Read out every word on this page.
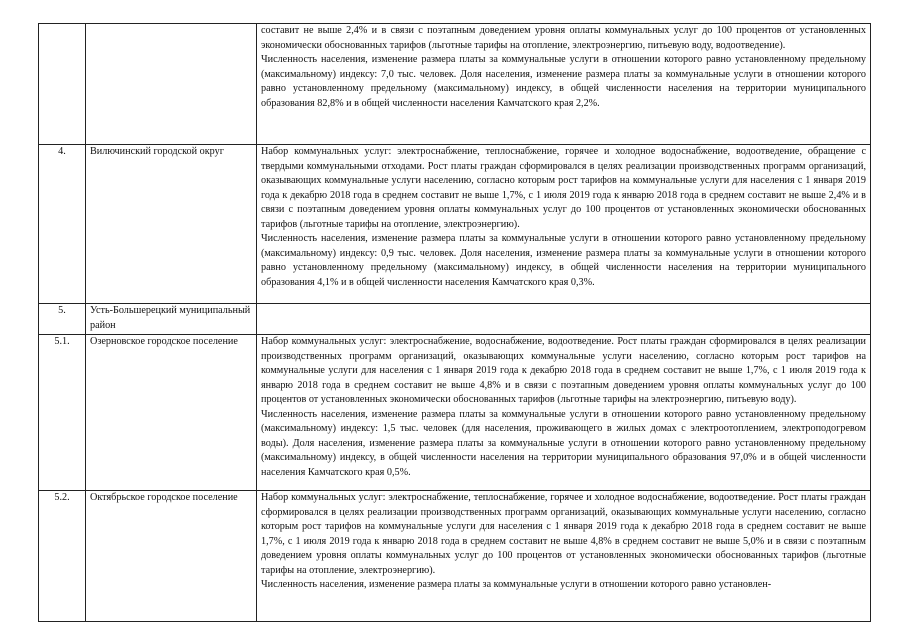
		составит не выше 2,4% и в связи с поэтапным доведением уровня оплаты коммунальных услуг до 100 процентов от установленных экономически обоснованных тарифов (льготные тарифы на отопление, электроэнергию, питьевую воду, водоотведение).

Численность населения, изменение размера платы за коммунальные услуги в отношении которого равно установленному предельному (максимальному) индексу: 7,0 тыс. человек. Доля населения, изменение размера платы за коммунальные услуги в отношении которого равно установленному предельному (максимальному) индексу, в общей численности населения на территории муниципального образования 82,8% и в общей численности населения Камчатского края 2,2%.

4.	Вилючинский городской округ	Набор коммунальных услуг: электроснабжение, теплоснабжение, горячее и холодное водоснабжение, водоотведение, обращение с твердыми коммунальными отходами. Рост платы граждан сформировался в целях реализации производственных программ организаций, оказывающих коммунальные услуги населению, согласно которым рост тарифов на коммунальные услуги для населения с 1 января 2019 года к декабрю 2018 года в среднем составит не выше 1,7%, с 1 июля 2019 года к январю 2018 года в среднем составит не выше 2,4% и в связи с поэтапным доведением уровня оплаты коммунальных услуг до 100 процентов от установленных экономически обоснованных тарифов (льготные тарифы на отопление, электроэнергию).

Численность населения, изменение размера платы за коммунальные услуги в отношении которого равно установленному предельному (максимальному) индексу: 0,9 тыс. человек. Доля населения, изменение размера платы за коммунальные услуги в отношении которого равно установленному предельному (максимальному) индексу, в общей численности населения на территории муниципального образования 4,1% и в общей численности населения Камчатского края 0,3%.

5.	Усть-Большерецкий муниципальный район	
5.1.	Озерновское городское поселение	Набор коммунальных услуг: электроснабжение, водоснабжение, водоотведение. Рост платы граждан сформировался в целях реализации производственных программ организаций, оказывающих коммунальные услуги населению, согласно которым рост тарифов на коммунальные услуги для населения с 1 января 2019 года к декабрю 2018 года в среднем составит не выше 1,7%, с 1 июля 2019 года к январю 2018 года в среднем составит не выше 4,8% и в связи с поэтапным доведением уровня оплаты коммунальных услуг до 100 процентов от установленных экономически обоснованных тарифов (льготные тарифы на электроэнергию, питьевую воду).

Численность населения, изменение размера платы за коммунальные услуги в отношении которого равно установленному предельному (максимальному) индексу: 1,5 тыс. человек (для населения, проживающего в жилых домах с электроотоплением, электроподогревом воды). Доля населения, изменение размера платы за коммунальные услуги в отношении которого равно установленному предельному (максимальному) индексу, в общей численности населения на территории муниципального образования 97,0% и в общей численности населения Камчатского края 0,5%.

5.2.	Октябрьское городское поселение	Набор коммунальных услуг: электроснабжение, теплоснабжение, горячее и холодное водоснабжение, водоотведение. Рост платы граждан сформировался в целях реализации производственных программ организаций, оказывающих коммунальные услуги населению, согласно которым рост тарифов на коммунальные услуги для населения с 1 января 2019 года к декабрю 2018 года в среднем составит не выше 1,7%, с 1 июля 2019 года к январю 2018 года в среднем составит не выше 4,8% в среднем составит не выше 5,0% и в связи с поэтапным доведением уровня оплаты коммунальных услуг до 100 процентов от установленных экономически обоснованных тарифов (льготные тарифы на отопление, электроэнергию).

Численность населения, изменение размера платы за коммунальные услуги в отношении которого равно установлен-
